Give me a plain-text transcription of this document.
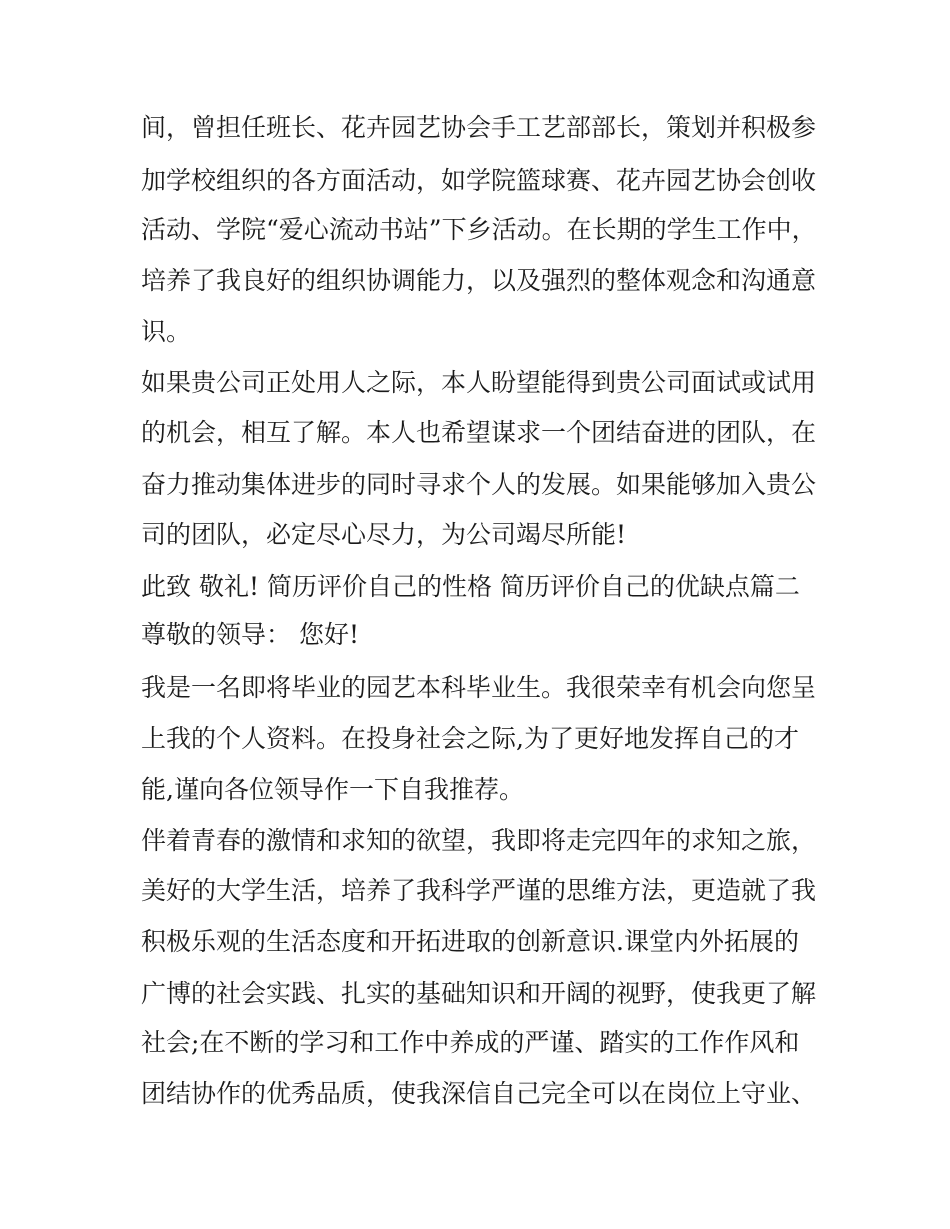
间，曾担任班长、花卉园艺协会手工艺部部长，策划并积极参
加学校组织的各方面活动，如学院篮球赛、花卉园艺协会创收
活动、学院“爱心流动书站”下乡活动。在长期的学生工作中，
培养了我良好的组织协调能力，以及强烈的整体观念和沟通意
识。
如果贵公司正处用人之际，本人盼望能得到贵公司面试或试用
的机会，相互了解。本人也希望谋求一个团结奋进的团队，在
奋力推动集体进步的同时寻求个人的发展。如果能够加入贵公
司的团队，必定尽心尽力，为公司竭尽所能!
此致 敬礼! 简历评价自己的性格 简历评价自己的优缺点篇二
尊敬的领导： 您好!
我是一名即将毕业的园艺本科毕业生。我很荣幸有机会向您呈
上我的个人资料。在投身社会之际,为了更好地发挥自己的才
能,谨向各位领导作一下自我推荐。
伴着青春的激情和求知的欲望，我即将走完四年的求知之旅，
美好的大学生活，培养了我科学严谨的思维方法，更造就了我
积极乐观的生活态度和开拓进取的创新意识.课堂内外拓展的
广博的社会实践、扎实的基础知识和开阔的视野，使我更了解
社会;在不断的学习和工作中养成的严谨、踏实的工作作风和
团结协作的优秀品质，使我深信自己完全可以在岗位上守业、
